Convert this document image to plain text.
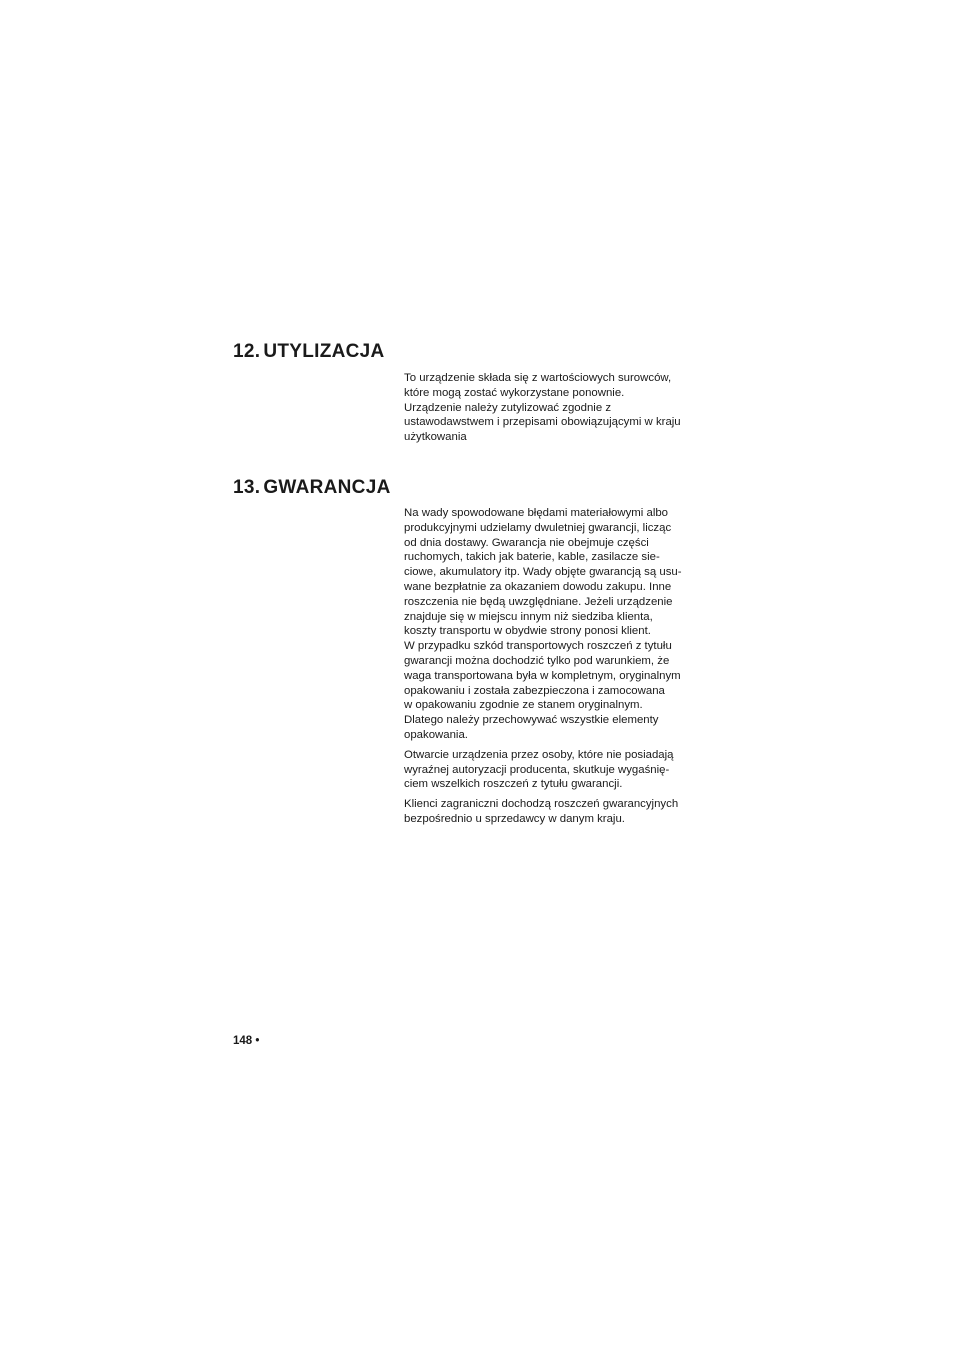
12. UTYLIZACJA

To urządzenie składa się z wartościowych surowców,
które mogą zostać wykorzystane ponownie.
Urządzenie należy zutylizować zgodnie z
ustawodawstwem i przepisami obowiązującymi w kraju
użytkowania

13. GWARANCJA

Na wady spowodowane błędami materiałowymi albo
produkcyjnymi udzielamy dwuletniej gwarancji, licząc
od dnia dostawy. Gwarancja nie obejmuje części
ruchomych, takich jak baterie, kable, zasilacze sie-
ciowe, akumulatory itp. Wady objęte gwarancją są usu-
wane bezpłatnie za okazaniem dowodu zakupu. Inne
roszczenia nie będą uwzględniane. Jeżeli urządzenie
znajduje się w miejscu innym niż siedziba klienta,
koszty transportu w obydwie strony ponosi klient.
W przypadku szkód transportowych roszczeń z tytułu
gwarancji można dochodzić tylko pod warunkiem, że
waga transportowana była w kompletnym, oryginalnym
opakowaniu i została zabezpieczona i zamocowana
w opakowaniu zgodnie ze stanem oryginalnym.
Dlatego należy przechowywać wszystkie elementy
opakowania.

Otwarcie urządzenia przez osoby, które nie posiadają
wyraźnej autoryzacji producenta, skutkuje wygaśnię-
ciem wszelkich roszczeń z tytułu gwarancji.

Klienci zagraniczni dochodzą roszczeń gwarancyjnych
bezpośrednio u sprzedawcy w danym kraju.

148 •
